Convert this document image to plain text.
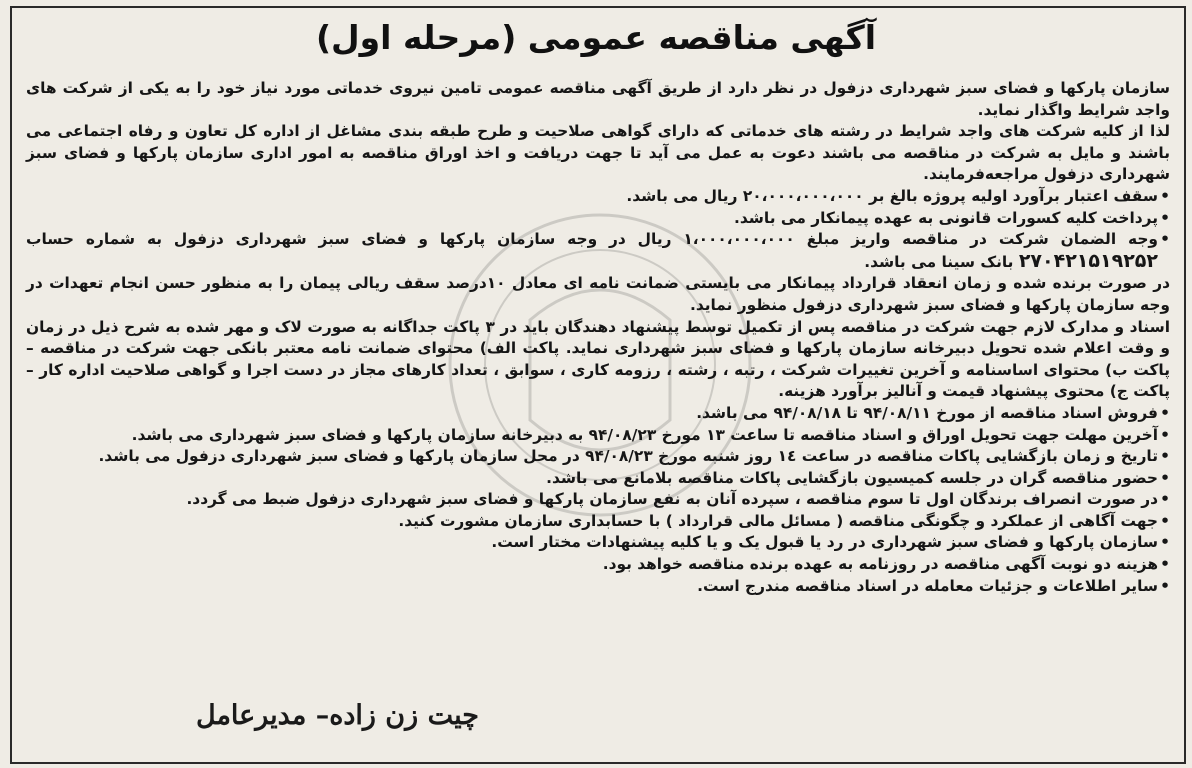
آگهی مناقصه عمومی (مرحله اول)

سازمان پارکها و فضای سبز شهرداری دزفول در نظر دارد از طریق آگهی مناقصه عمومی تامین نیروی خدماتی مورد نیاز خود را به یکی از شرکت های واجد شرایط واگذار نماید.

لذا از کلیه شرکت های واجد شرایط در رشته های خدماتی که دارای گواهی صلاحیت و طرح طبقه بندی مشاغل از اداره کل تعاون و رفاه اجتماعی می باشند و مایل به شرکت در مناقصه می باشند دعوت به عمل می آید تا جهت دریافت و اخذ اوراق مناقصه به امور اداری سازمان پارکها و فضای سبز شهرداری دزفول مراجعه‌فرمایند.

• سقف اعتبار برآورد اولیه پروژه بالغ بر ۲۰،۰۰۰،۰۰۰،۰۰۰ ریال می باشد.
• پرداخت کلیه کسورات قانونی به عهده پیمانکار می باشد.
• وجه الضمان شرکت در مناقصه واریز مبلغ ۱،۰۰۰،۰۰۰،۰۰۰ ریال در وجه سازمان پارکها و فضای سبز شهرداری دزفول به شماره حساب ۲۷۰۴۲۱۵۱۹۲۵۲ بانک سینا می باشد.

در صورت برنده شده و زمان انعقاد قرارداد پیمانکار می بایستی ضمانت نامه ای معادل ۱۰درصد سقف ریالی پیمان را به منظور حسن انجام تعهدات در وجه سازمان پارکها و فضای سبز شهرداری دزفول منظور نماید.

اسناد و مدارک لازم جهت شرکت در مناقصه پس از تکمیل توسط پیشنهاد دهندگان باید در ۳ پاکت جداگانه به صورت لاک و مهر شده به شرح ذیل در زمان و وقت اعلام شده تحویل دبیرخانه سازمان پارکها و فضای سبز شهرداری نماید. پاکت الف) محتوای ضمانت نامه معتبر بانکی جهت شرکت در مناقصه – پاکت ب) محتوای اساسنامه و آخرین تغییرات شرکت ، رتبه ، رشته ، رزومه کاری ، سوابق ، تعداد کارهای مجاز در دست اجرا و گواهی صلاحیت اداره کار – پاکت ج) محتوی پیشنهاد قیمت و آنالیز برآورد هزینه.

• فروش اسناد مناقصه از مورخ ۹۴/۰۸/۱۱ تا ۹۴/۰۸/۱۸ می باشد.
• آخرین مهلت جهت تحویل اوراق و اسناد مناقصه تا ساعت ۱۳ مورخ ۹۴/۰۸/۲۳ به دبیرخانه سازمان پارکها و فضای سبز شهرداری می باشد.
• تاریخ و زمان بازگشایی پاکات مناقصه در ساعت ۱٤ روز شنبه مورخ ۹۴/۰۸/۲۳ در محل سازمان پارکها و فضای سبز شهرداری دزفول می باشد.
• حضور مناقصه گران در جلسه کمیسیون بازگشایی پاکات مناقصه بلامانع می باشد.
• در صورت انصراف برندگان اول تا سوم مناقصه ، سپرده آنان به نفع سازمان پارکها و فضای سبز شهرداری دزفول ضبط می گردد.
• جهت آگاهی از عملکرد و چگونگی مناقصه ( مسائل مالی قرارداد ) با حسابداری سازمان مشورت کنید.
• سازمان پارکها و فضای سبز شهرداری در رد یا قبول یک و یا کلیه پیشنهادات مختار است.
• هزینه دو نوبت آگهی مناقصه در روزنامه به عهده برنده مناقصه خواهد بود.
• سایر اطلاعات و جزئیات معامله در اسناد مناقصه مندرج است.
چیت زن زاده– مدیرعامل
